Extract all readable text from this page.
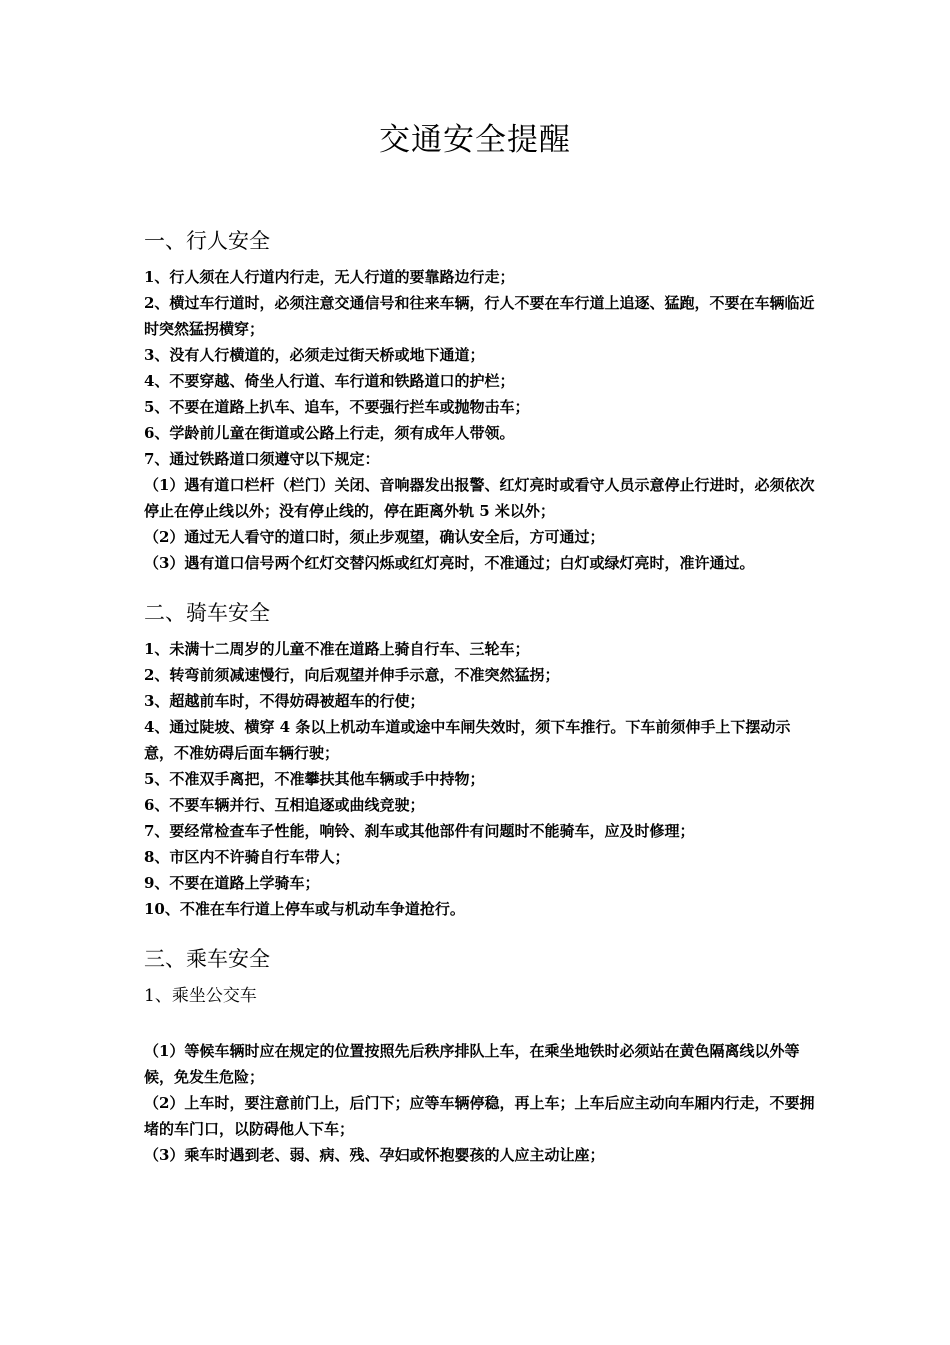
交通安全提醒
一、行人安全

1、行人须在人行道内行走，无人行道的要靠路边行走；

2、横过车行道时，必须注意交通信号和往来车辆，行人不要在车行道上追逐、猛跑，不要在车辆临近时突然猛拐横穿；

3、没有人行横道的，必须走过街天桥或地下通道；

4、不要穿越、倚坐人行道、车行道和铁路道口的护栏；

5、不要在道路上扒车、追车，不要强行拦车或抛物击车；

6、学龄前儿童在街道或公路上行走，须有成年人带领。

7、通过铁路道口须遵守以下规定：

（1）遇有道口栏杆（栏门）关闭、音响器发出报警、红灯亮时或看守人员示意停止行进时，必须依次停止在停止线以外；没有停止线的，停在距离外轨 5 米以外；

（2）通过无人看守的道口时，须止步观望，确认安全后，方可通过；

（3）遇有道口信号两个红灯交替闪烁或红灯亮时，不准通过；白灯或绿灯亮时，准许通过。

二、骑车安全

1、未满十二周岁的儿童不准在道路上骑自行车、三轮车；

2、转弯前须减速慢行，向后观望并伸手示意，不准突然猛拐；

3、超越前车时，不得妨碍被超车的行使；

4、通过陡坡、横穿 4 条以上机动车道或途中车闸失效时，须下车推行。下车前须伸手上下摆动示意，不准妨碍后面车辆行驶；

5、不准双手离把，不准攀扶其他车辆或手中持物；

6、不要车辆并行、互相追逐或曲线竞驶；

7、要经常检查车子性能，响铃、刹车或其他部件有问题时不能骑车，应及时修理；

8、市区内不许骑自行车带人；

9、不要在道路上学骑车；

10、不准在车行道上停车或与机动车争道抢行。

三、乘车安全
1、乘坐公交车

（1）等候车辆时应在规定的位置按照先后秩序排队上车，在乘坐地铁时必须站在黄色隔离线以外等候，免发生危险；

（2）上车时，要注意前门上，后门下；应等车辆停稳，再上车；上车后应主动向车厢内行走，不要拥堵的车门口，以防碍他人下车；

（3）乘车时遇到老、弱、病、残、孕妇或怀抱婴孩的人应主动让座；
